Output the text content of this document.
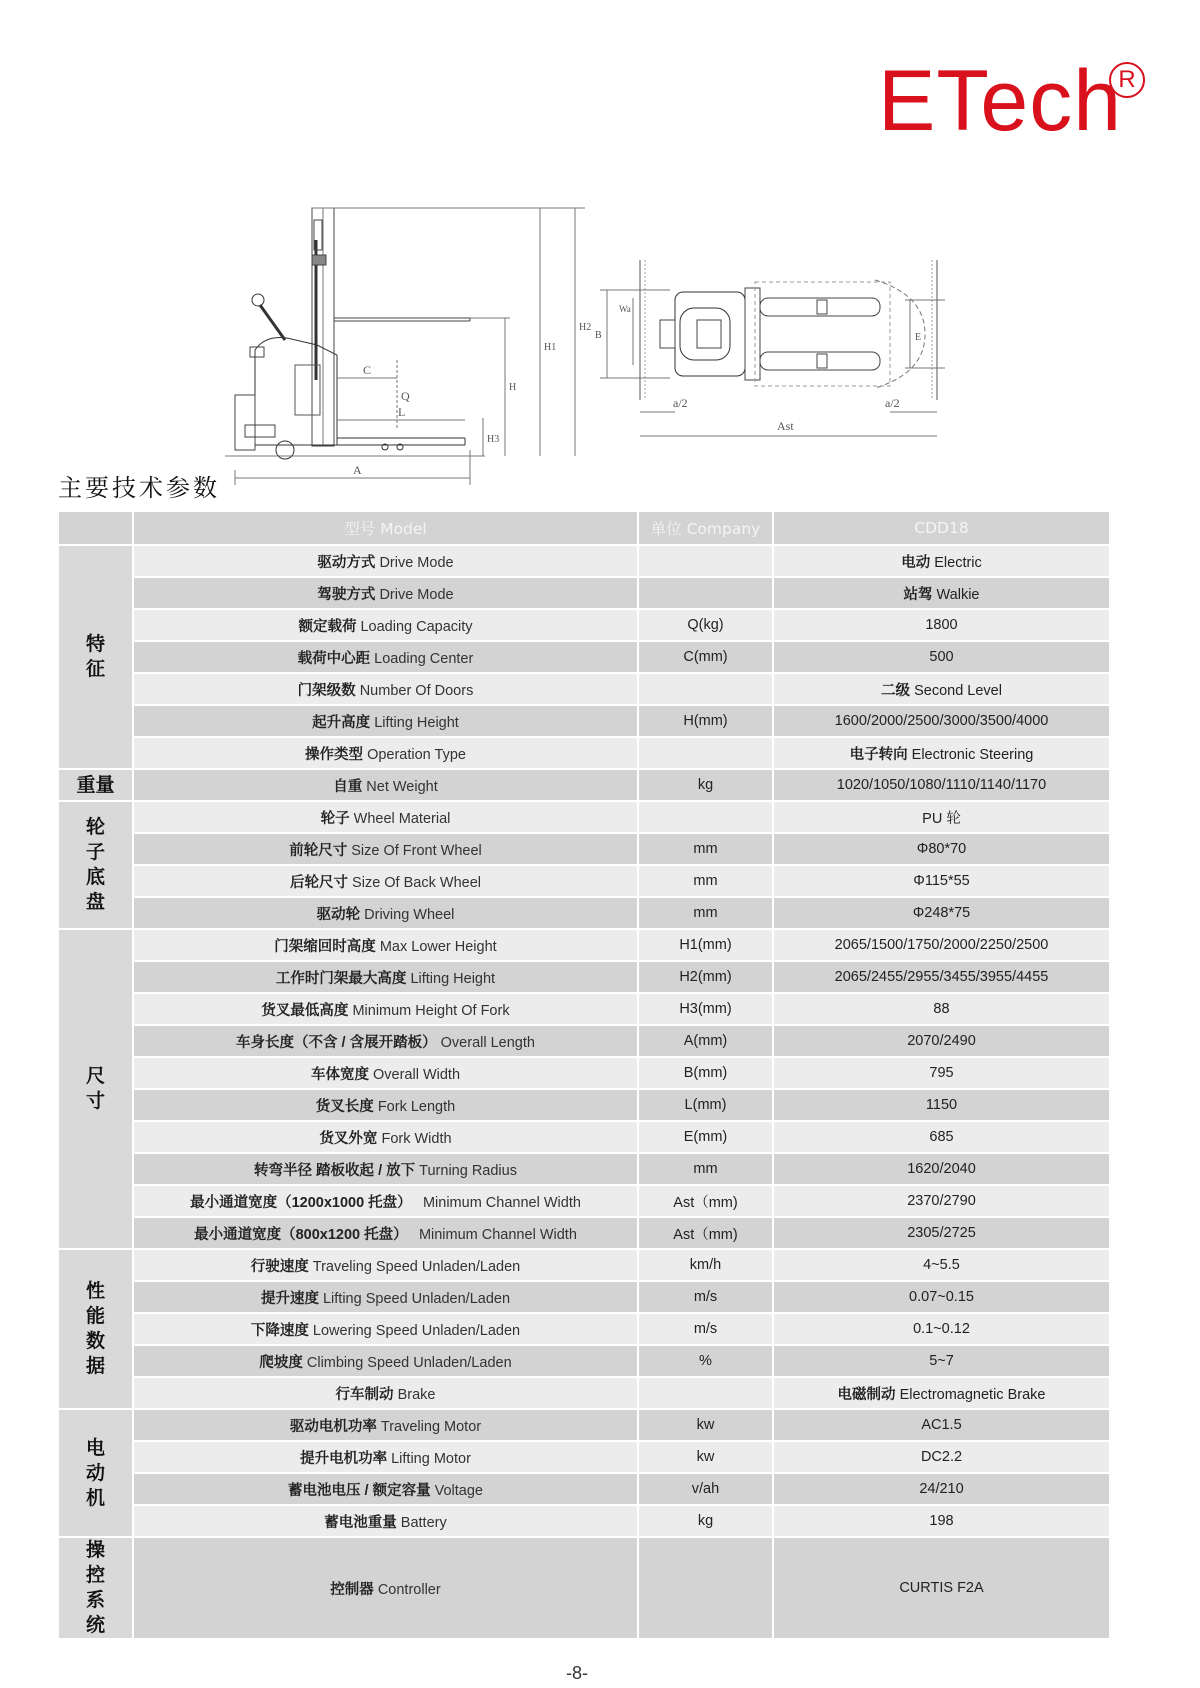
ETech
R
A
C
Q
L
H3
H
H1
H2
B
Wa
E
a/2	a/2
Ast
主要技术参数
	型号 Model	单位 Company	CDD18
特征	驱动方式 Drive Mode		电动 Electric
	驾驶方式 Drive Mode		站驾 Walkie
	额定载荷 Loading Capacity	Q(kg)	1800
	载荷中心距 Loading Center	C(mm)	500
	门架级数 Number Of Doors		二级 Second Level
	起升高度 Lifting Height	H(mm)	1600/2000/2500/3000/3500/4000
	操作类型 Operation Type		电子转向 Electronic Steering
重量	自重 Net Weight	kg	1020/1050/1080/1110/1140/1170
轮子底盘	轮子 Wheel Material		PU 轮
	前轮尺寸 Size Of Front Wheel	mm	Φ80*70
	后轮尺寸 Size Of Back Wheel	mm	Φ115*55
	驱动轮 Driving Wheel	mm	Φ248*75
尺寸	门架缩回时高度 Max Lower Height	H1(mm)	2065/1500/1750/2000/2250/2500
	工作时门架最大高度 Lifting Height	H2(mm)	2065/2455/2955/3455/3955/4455
	货叉最低高度 Minimum Height Of Fork	H3(mm)	88
	车身长度（不含 / 含展开踏板） Overall Length	A(mm)	2070/2490
	车体宽度 Overall Width	B(mm)	795
	货叉长度 Fork Length	L(mm)	1150
	货叉外宽 Fork Width	E(mm)	685
	转弯半径 踏板收起 / 放下 Turning Radius	mm	1620/2040
	最小通道宽度（1200x1000 托盘）   Minimum Channel Width	Ast（mm)	2370/2790
	最小通道宽度（800x1200 托盘）   Minimum Channel Width	Ast（mm)	2305/2725
性能数据	行驶速度 Traveling Speed Unladen/Laden	km/h	4~5.5
	提升速度 Lifting Speed Unladen/Laden	m/s	0.07~0.15
	下降速度 Lowering Speed Unladen/Laden	m/s	0.1~0.12
	爬坡度 Climbing Speed Unladen/Laden	%	5~7
	行车制动 Brake		电磁制动 Electromagnetic Brake
电动机	驱动电机功率 Traveling Motor	kw	AC1.5
	提升电机功率 Lifting Motor	kw	DC2.2
	蓄电池电压 / 额定容量 Voltage	v/ah	24/210
	蓄电池重量 Battery	kg	198
操控系统	控制器 Controller		CURTIS F2A
-8-
